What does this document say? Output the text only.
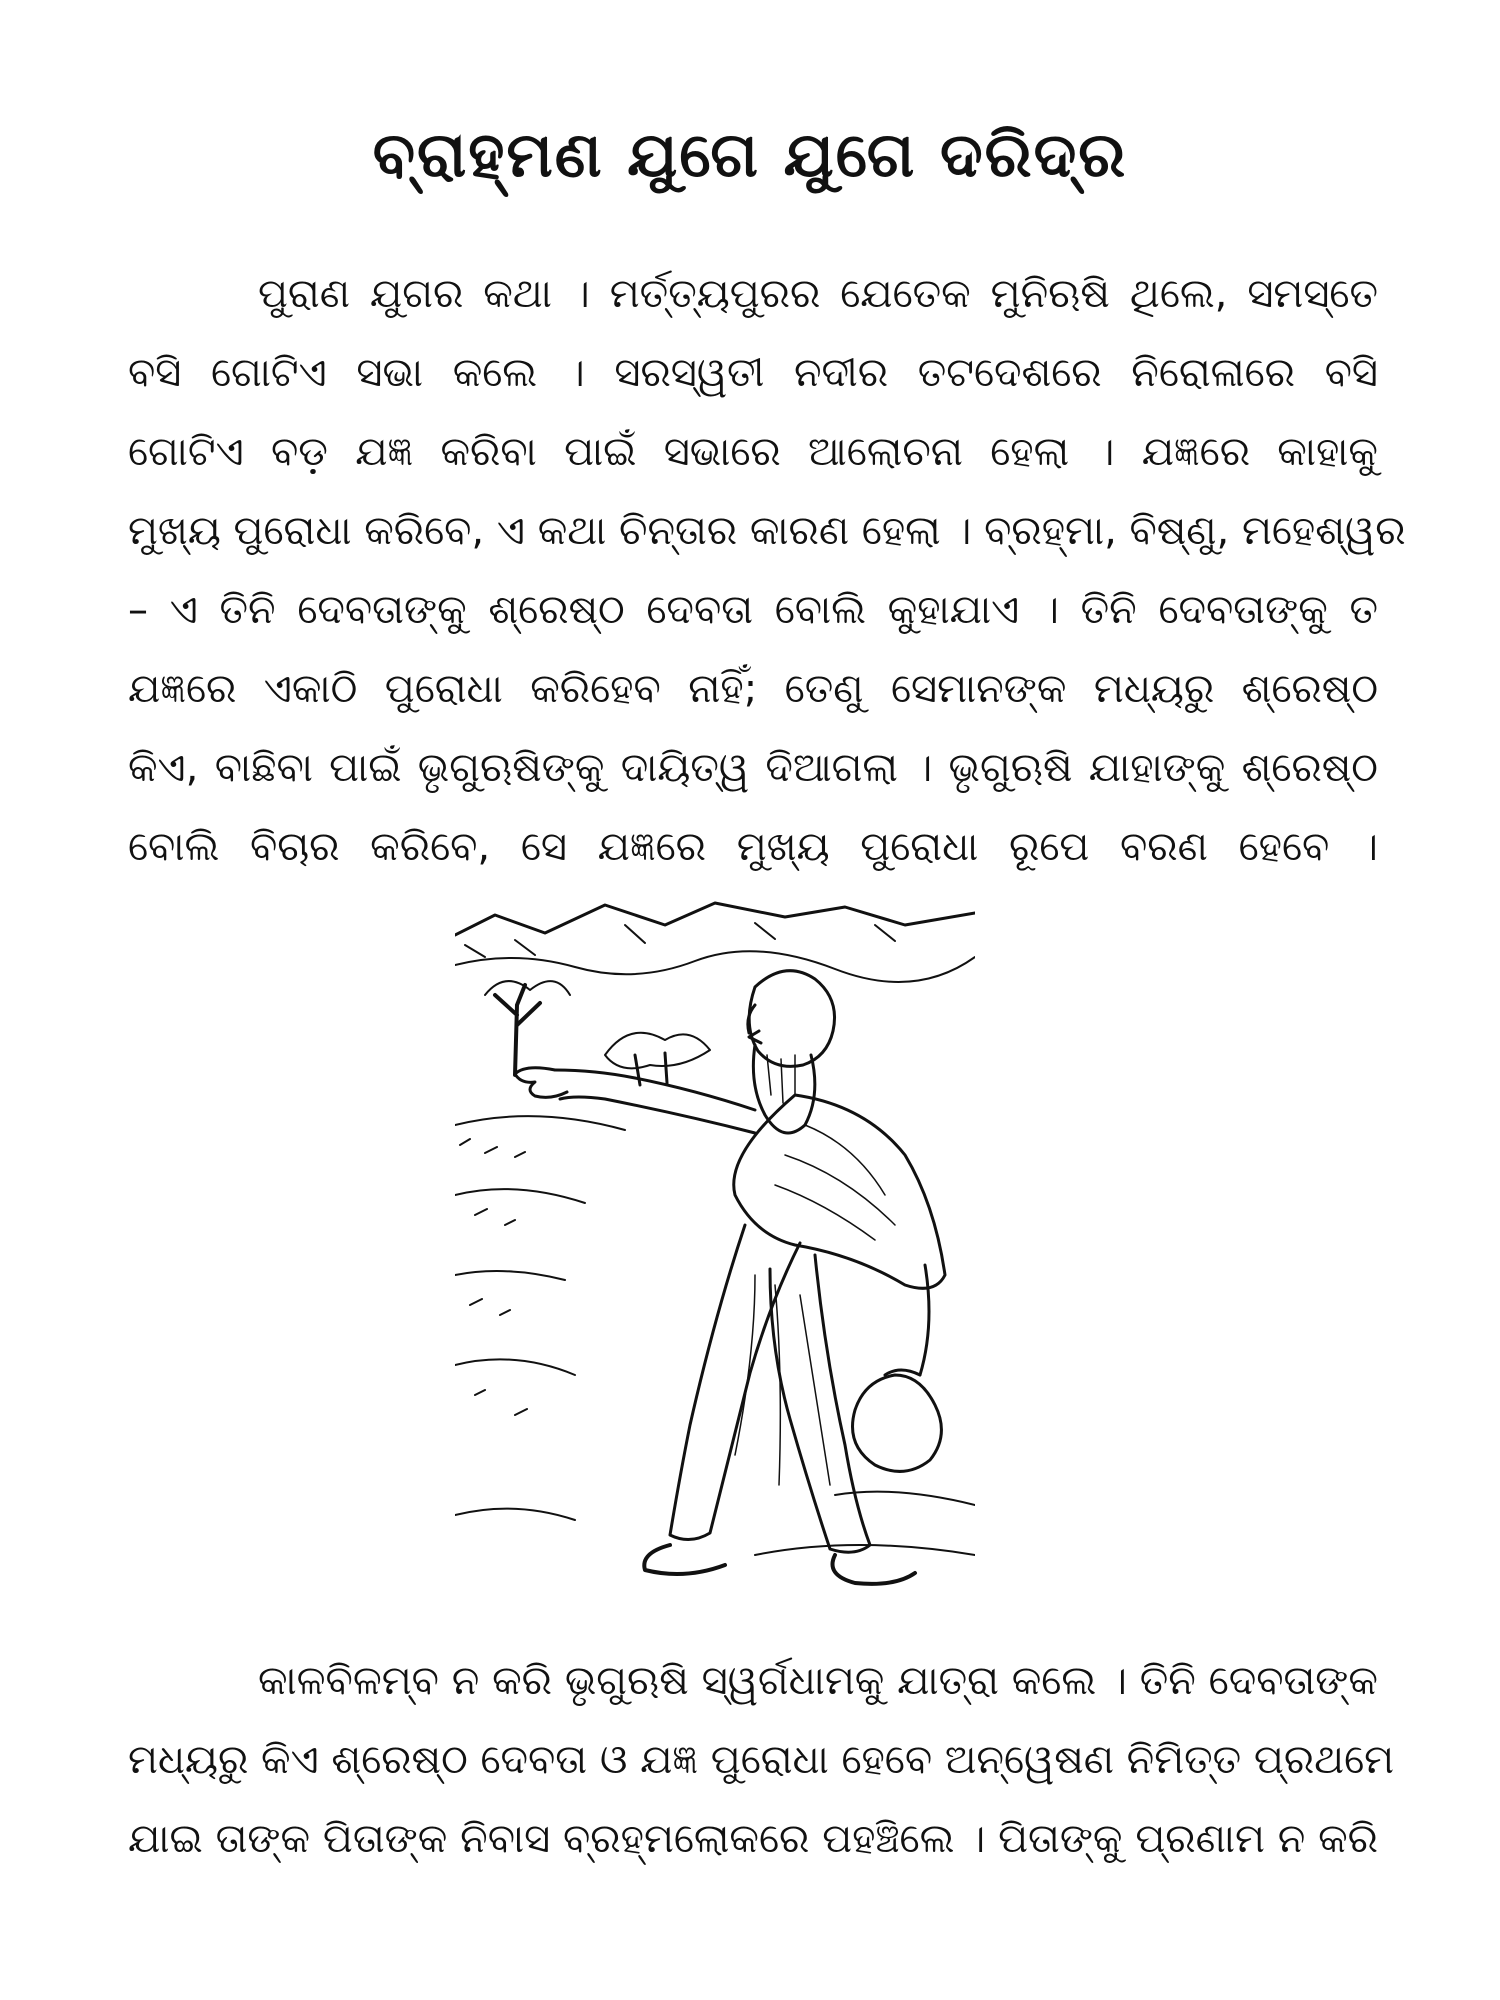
ବ୍ରାହ୍ମଣ ଯୁଗେ ଯୁଗେ ଦରିଦ୍ର
ପୁରାଣ ଯୁଗର କଥା । ମର୍ତ୍ତ୍ୟପୁରର ଯେତେକ ମୁନିଋଷି ଥିଲେ, ସମସ୍ତେ
ବସି ଗୋଟିଏ ସଭା କଲେ । ସରସ୍ୱତୀ ନଦୀର ତଟଦେଶରେ ନିରୋଳାରେ ବସି
ଗୋଟିଏ ବଡ଼ ଯଜ୍ଞ କରିବା ପାଇଁ ସଭାରେ ଆଲୋଚନା ହେଲା । ଯଜ୍ଞରେ କାହାକୁ
ମୁଖ୍ୟ ପୁରୋଧା କରିବେ, ଏ କଥା ଚିନ୍ତାର କାରଣ ହେଲା । ବ୍ରହ୍ମା, ବିଷ୍ଣୁ, ମହେଶ୍ୱର
– ଏ ତିନି ଦେବତାଙ୍କୁ ଶ୍ରେଷ୍ଠ ଦେବତା ବୋଲି କୁହାଯାଏ । ତିନି ଦେବତାଙ୍କୁ ତ
ଯଜ୍ଞରେ ଏକାଠି ପୁରୋଧା କରିହେବ ନାହିଁ; ତେଣୁ ସେମାନଙ୍କ ମଧ୍ୟରୁ ଶ୍ରେଷ୍ଠ
କିଏ, ବାଛିବା ପାଇଁ ଭୃଗୁଋଷିଙ୍କୁ ଦାୟିତ୍ୱ ଦିଆଗଲା । ଭୃଗୁଋଷି ଯାହାଙ୍କୁ ଶ୍ରେଷ୍ଠ
ବୋଲି ବିଚାର କରିବେ, ସେ ଯଜ୍ଞରେ ମୁଖ୍ୟ ପୁରୋଧା ରୂପେ ବରଣ ହେବେ ।
କାଳବିଳମ୍ବ ନ କରି ଭୃଗୁଋଷି ସ୍ୱର୍ଗଧାମକୁ ଯାତ୍ରା କଲେ । ତିନି ଦେବତାଙ୍କ
ମଧ୍ୟରୁ କିଏ ଶ୍ରେଷ୍ଠ ଦେବତା ଓ ଯଜ୍ଞ ପୁରୋଧା ହେବେ ଅନ୍ୱେଷଣ ନିମିତ୍ତ ପ୍ରଥମେ
ଯାଇ ତାଙ୍କ ପିତାଙ୍କ ନିବାସ ବ୍ରହ୍ମଲୋକରେ ପହଞ୍ଚିଲେ । ପିତାଙ୍କୁ ପ୍ରଣାମ ନ କରି
